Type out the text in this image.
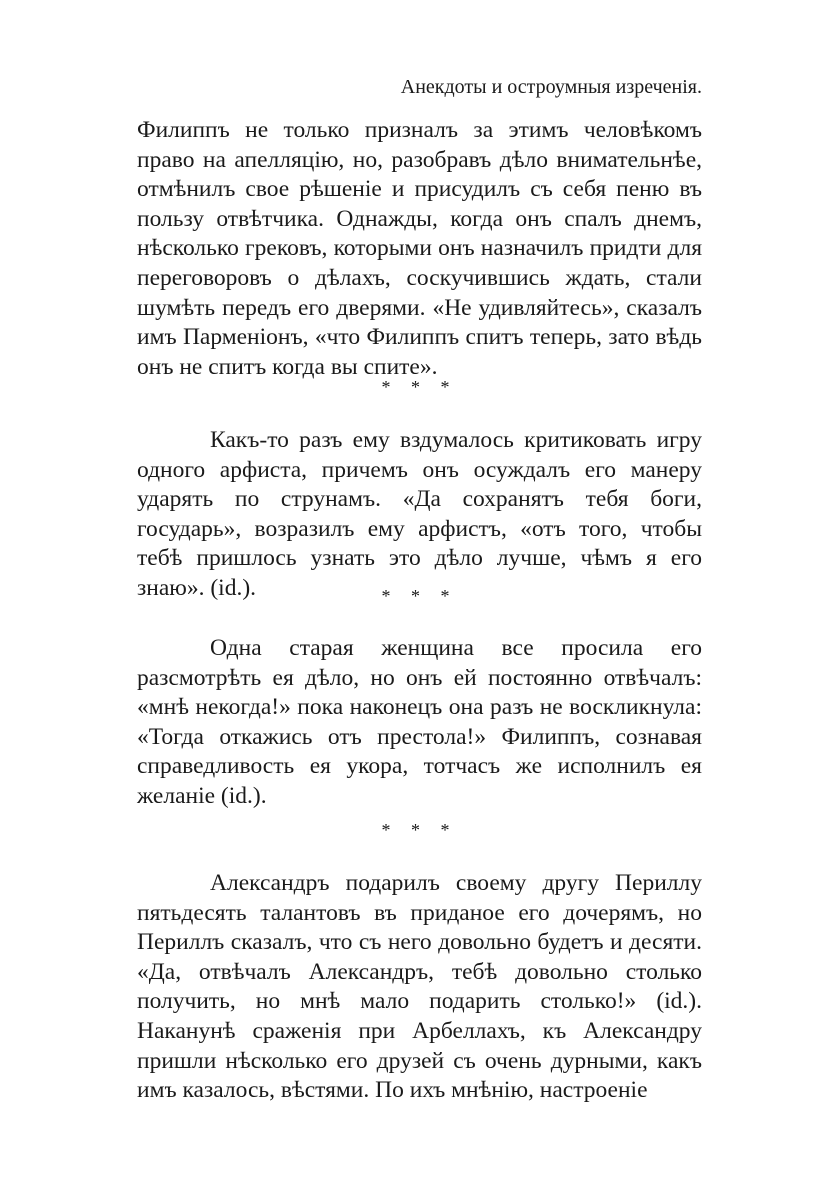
Анекдоты и остроумныя изреченія.

Филиппъ не только призналъ за этимъ человѣкомъ право на апелляцію, но, разобравъ дѣло внимательнѣе, отмѣнилъ свое рѣшеніе и присудилъ съ себя пеню въ пользу отвѣтчика. Однажды, когда онъ спалъ днемъ, нѣсколько грековъ, которыми онъ назначилъ придти для переговоровъ о дѣлахъ, соскучившись ждать, стали шумѣть передъ его дверями. «Не удивляйтесь», сказалъ имъ Парменіонъ, «что Филиппъ спитъ теперь, зато вѣдь онъ не спитъ когда вы спите».

* * *

Какъ-то разъ ему вздумалось критиковать игру одного арфиста, причемъ онъ осуждалъ его манеру ударять по струнамъ. «Да сохранятъ тебя боги, государь», возразилъ ему арфистъ, «отъ того, чтобы тебѣ пришлось узнать это дѣло лучше, чѣмъ я его знаю». (id.).	* * *

Одна старая женщина все просила его разсмотрѣть ея дѣло, но онъ ей постоянно отвѣчалъ: «мнѣ некогда!» пока наконецъ она разъ не воскликнула: «Тогда откажись отъ престола!» Филиппъ, сознавая справедливость ея укора, тотчасъ же исполнилъ ея желаніе (id.).

* * *

Александръ подарилъ своему другу Периллу пятьдесять талантовъ въ приданое его дочерямъ, но Периллъ сказалъ, что съ него довольно будетъ и десяти. «Да, отвѣчалъ Александръ, тебѣ довольно столько получить, но мнѣ мало подарить столько!» (id.). Наканунѣ сраженія при Арбеллахъ, къ Александру пришли нѣсколько его друзей съ очень дурными, какъ имъ казалось, вѣстями. По ихъ мнѣнію, настроеніе
